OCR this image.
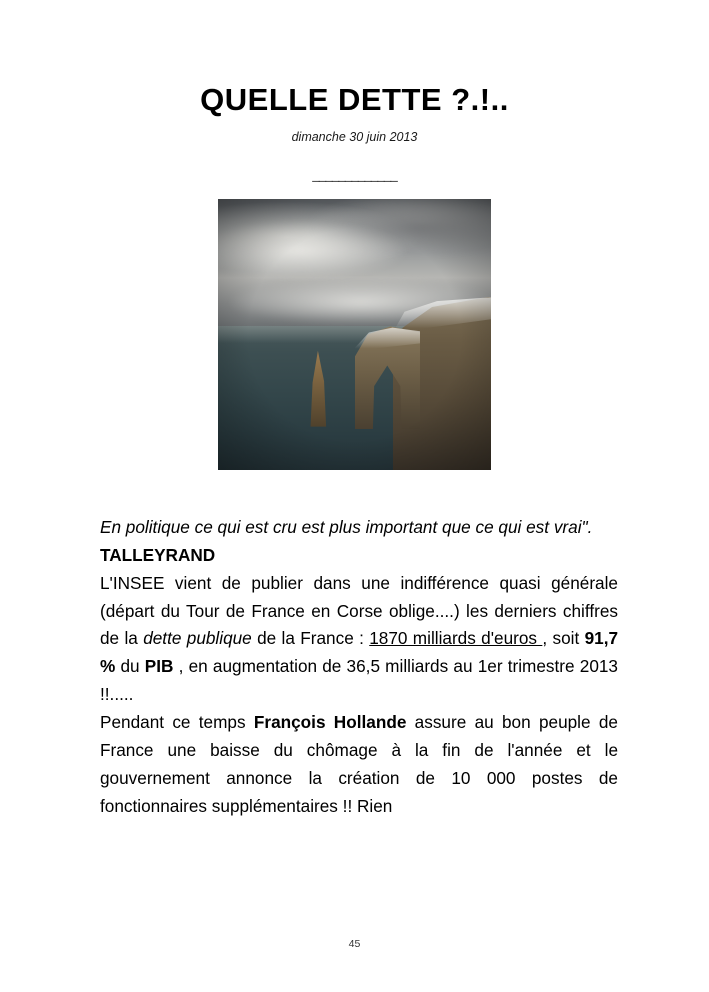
QUELLE DETTE ?.!..
dimanche 30 juin 2013
_____________

En politique ce qui est cru est plus important que ce qui est vrai".

TALLEYRAND

L'INSEE vient de publier dans une indifférence quasi générale (départ du Tour de France en Corse oblige....) les derniers chiffres de la dette publique de la France : 1870 milliards d'euros , soit 91,7 % du PIB , en augmentation de 36,5 milliards au 1er trimestre 2013 !!.....

Pendant ce temps François Hollande assure au bon peuple de France une baisse du chômage à la fin de l'année et le gouvernement annonce la création de 10 000 postes de fonctionnaires supplémentaires !! Rien

45
